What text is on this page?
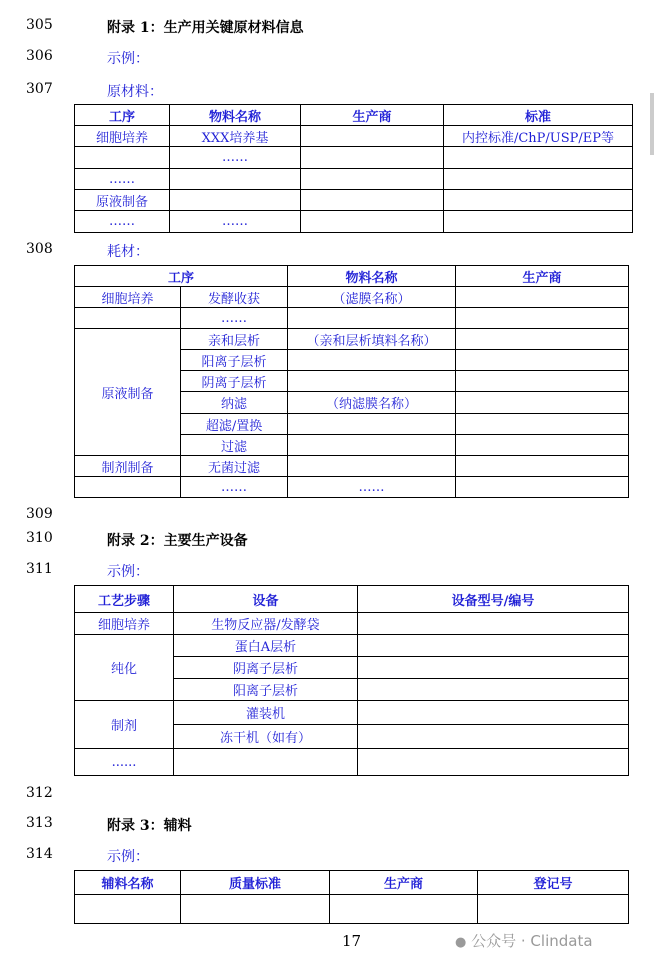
305	附录 1：生产用关键原材料信息
306	示例：
307	原材料：
工序	物料名称	生产商	标准
细胞培养	XXX培养基		内控标准/ChP/USP/EP等
	……		
……			
原液制备			
……	……		
308	耗材：
工序		物料名称	生产商
细胞培养	发酵收获	（滤膜名称）	
	……		
原液制备	亲和层析	（亲和层析填料名称）	
	阳离子层析		
	阴离子层析		
	纳滤	（纳滤膜名称）	
	超滤/置换		
	过滤		
制剂制备	无菌过滤		
	……	……	
309
310	附录 2：主要生产设备
311	示例：
工艺步骤	设备	设备型号/编号
细胞培养	生物反应器/发酵袋	
纯化	蛋白A层析	
	阴离子层析	
	阳离子层析	
制剂	灌装机	
	冻干机（如有）	
......		
312
313	附录 3：辅料
314	示例：
辅料名称	质量标准	生产商	登记号

17	● 公众号 · Clindata
